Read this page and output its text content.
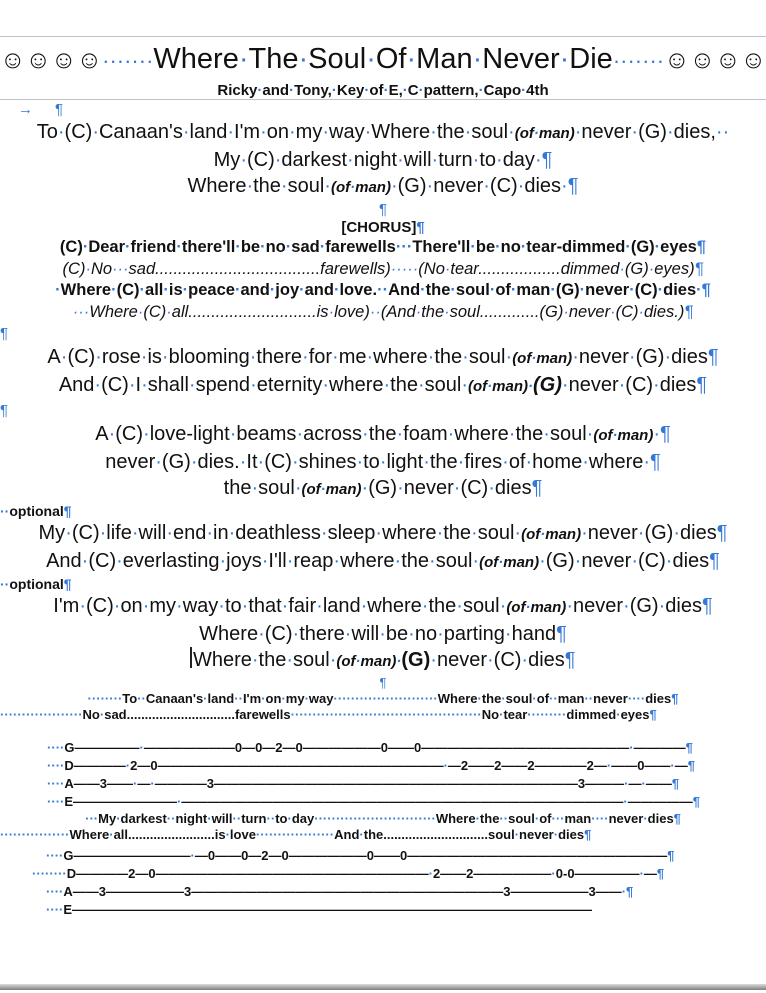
☺☺☺☺·······Where·The·Soul·Of·Man·Never·Die·······☺☺☺☺
Ricky·and·Tony,·Key·of·E,·C·pattern,·Capo·4th
→ ¶
To·(C)·Canaan's·land·I'm·on·my·way·Where·the·soul·(of·man)·never·(G)·dies,··
My·(C)·darkest·night·will·turn·to·day·¶
Where·the·soul·(of·man)·(G)·never·(C)·dies·¶
¶
[CHORUS]¶
(C)·Dear·friend·there'll·be·no·sad·farewells···There'll·be·no·tear-dimmed·(G)·eyes¶
(C)·No···sad....................................farewells)·····(No·tear..................dimmed·(G)·eyes)¶
·Where·(C)·all·is·peace·and·joy·and·love.··And·the·soul·of·man·(G)·never·(C)·dies·¶
···Where·(C)·all............................is·love)··(And·the·soul.............(G)·never·(C)·dies.)¶
¶
A·(C)·rose·is·blooming·there·for·me·where·the·soul·(of·man)·never·(G)·dies¶
And·(C)·I·shall·spend·eternity·where·the·soul·(of·man)·(G)·never·(C)·dies¶
¶
A·(C)·love-light·beams·across·the·foam·where·the·soul·(of·man)·¶
never·(G)·dies.·It·(C)·shines·to·light·the·fires·of·home·where·¶
the·soul·(of·man)·(G)·never·(C)·dies¶
··optional¶
My·(C)·life·will·end·in·deathless·sleep·where·the·soul·(of·man)·never·(G)·dies¶
And·(C)·everlasting·joys·I'll·reap·where·the·soul·(of·man)·(G)·never·(C)·dies¶
··optional¶
I'm·(C)·on·my·way·to·that·fair·land·where·the·soul·(of·man)·never·(G)·dies¶
Where·(C)·there·will·be·no·parting·hand¶
Where·the·soul·(of·man)·(G)·never·(C)·dies¶
¶
········To··Canaan's·land··I'm·on·my·way························Where·the·soul·of··man··never····dies¶
···················No·sad..............................farewells············································No·tear·········dimmed·eyes¶
····G—————·———————0—0—2—0——————0——0————————————————·————¶
····D————·2—0——————————————————————·—2——2——2————2—·——0——·—¶
····A——3——·—·————3————————————————————————————3———·—·——¶
····E————————·——————————————————————————————————·—————¶
···My·darkest··night·will··turn··to·day····························Where·the··soul·of···man····never·dies¶
················Where·all........................is·love··················And·the.............................soul·never·dies¶
····G—————————·—0——0—2—0——————0——0————————————————————¶
········D————2—0—————————————————————·2——2——————·0-0—————·—¶
····A——3——————3————————————————————————3——————3——·¶
····E————————————————————————————————————————
